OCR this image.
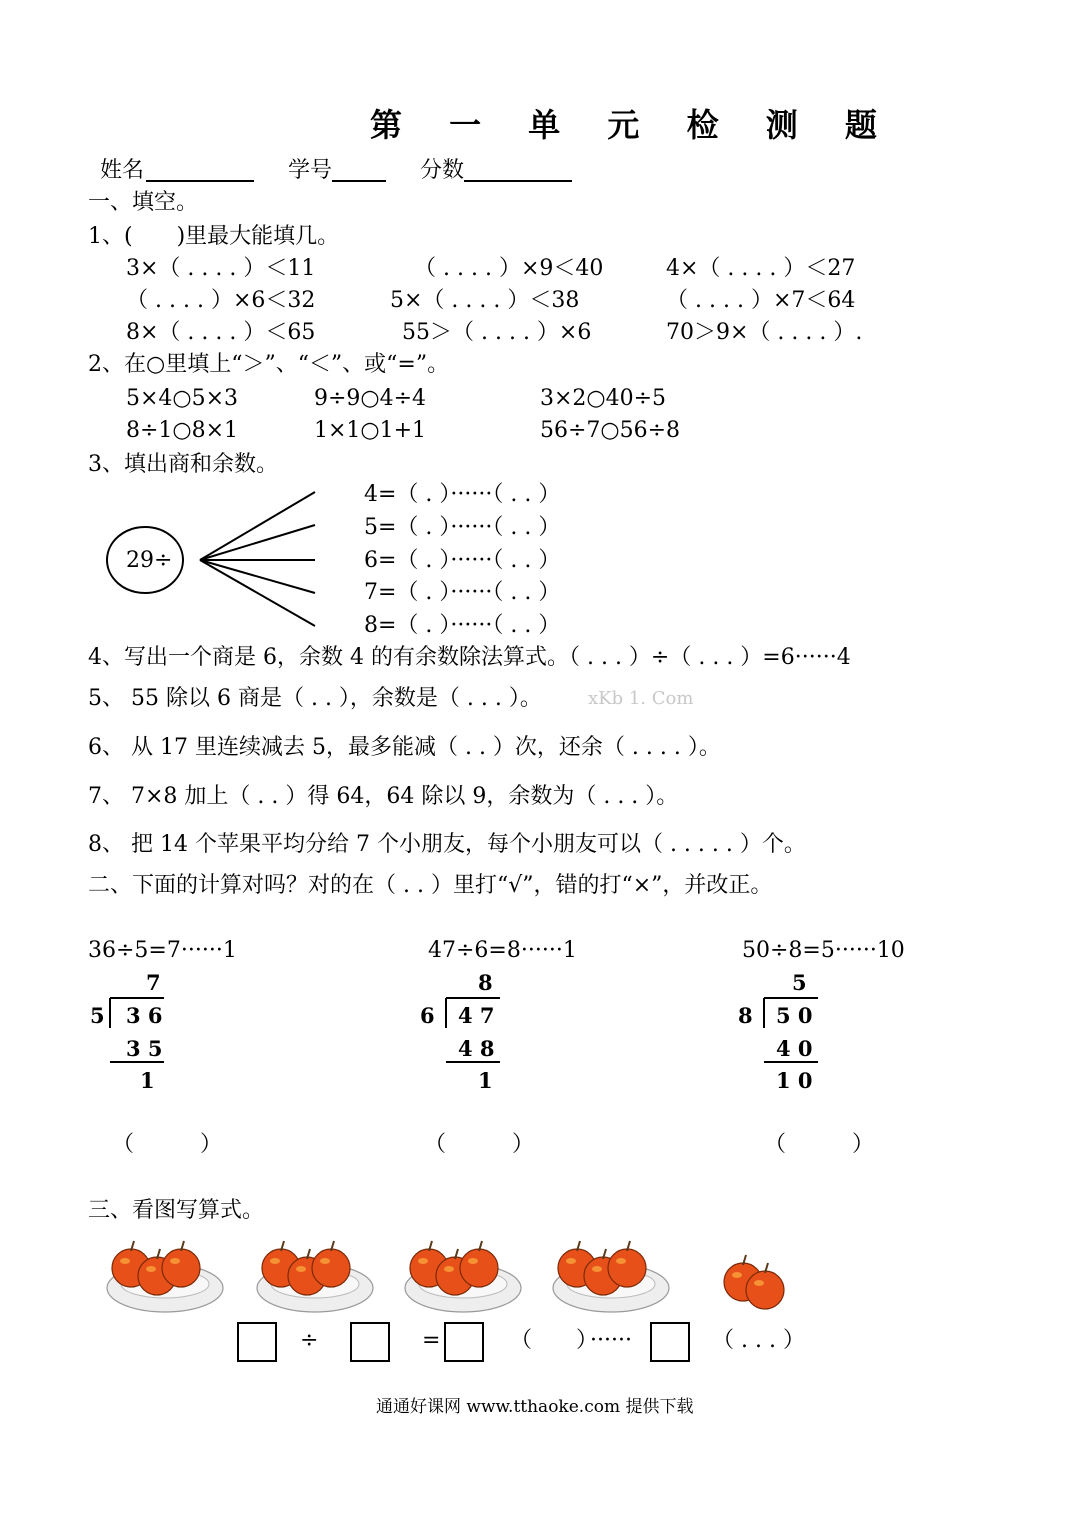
第 一 单 元 检 测 题
姓名	学号	分数
一、填空。
1、(　　)里最大能填几。
3×（ . . . . ）＜11	（ . . . . ）×9＜40	4×（ . . . . ）＜27
（ . . . . ）×6＜32	5×（ . . . . ）＜38	（ . . . . ）×7＜64
8×（ . . . . ）＜65	55＞（ . . . . ）×6	70＞9×（ . . . . ）.
2、在○里填上“＞”、“＜”、或“=”。
5×4○5×3	9÷9○4÷4	3×2○40÷5
8÷1○8×1	1×1○1+1	56÷7○56÷8
3、填出商和余数。
29÷
4=（ . ）······（ . . ）
5=（ . ）······（ . . ）
6=（ . ）······（ . . ）
7=（ . ）······（ . . ）
8=（ . ）······（ . . ）
4、写出一个商是 6，余数 4 的有余数除法算式。（ . . . ）÷（ . . . ）=6······4
5、 55 除以 6 商是（ . . ），余数是（ . . . ）。	xKb 1. Com
6、 从 17 里连续减去 5，最多能减（ . . ）次，还余（ . . . . ）。
7、 7×8 加上（ . . ）得 64，64 除以 9，余数为（ . . . ）。
8、 把 14 个苹果平均分给 7 个小朋友，每个小朋友可以（ . . . . . ）个。
二、下面的计算对吗？对的在（ . . ）里打“√”，错的打“×”，并改正。
36÷5=7······1
7
5 3 6
3 5
1
（　　　）
47÷6=8······1
8
6 4 7
4 8
1
（　　　）
50÷8=5······10
5
8 5 0
4 0
1 0
（　　　）
三、看图写算式。
÷	=	（　　）
······	（ . . . ）
通通好课网 www.tthaoke.com 提供下载
